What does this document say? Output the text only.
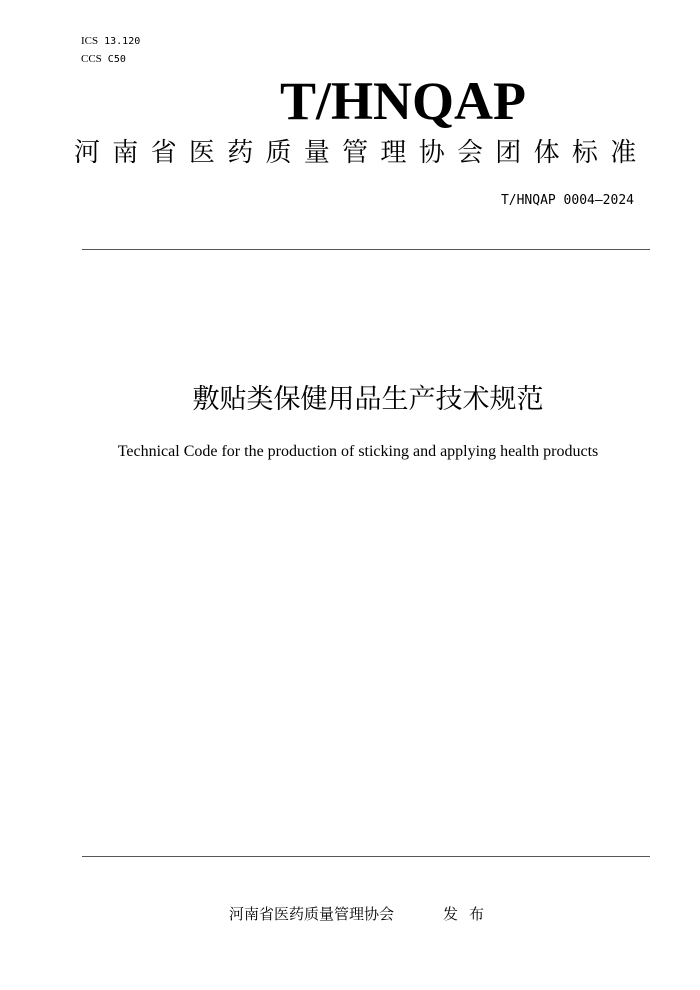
ICS 13.120
CCS C50
T/HNQAP
河南省医药质量管理协会团体标准
T/HNQAP 0004—2024
敷贴类保健用品生产技术规范
Technical Code for the production of sticking and applying health products
河南省医药质量管理协会	发布
